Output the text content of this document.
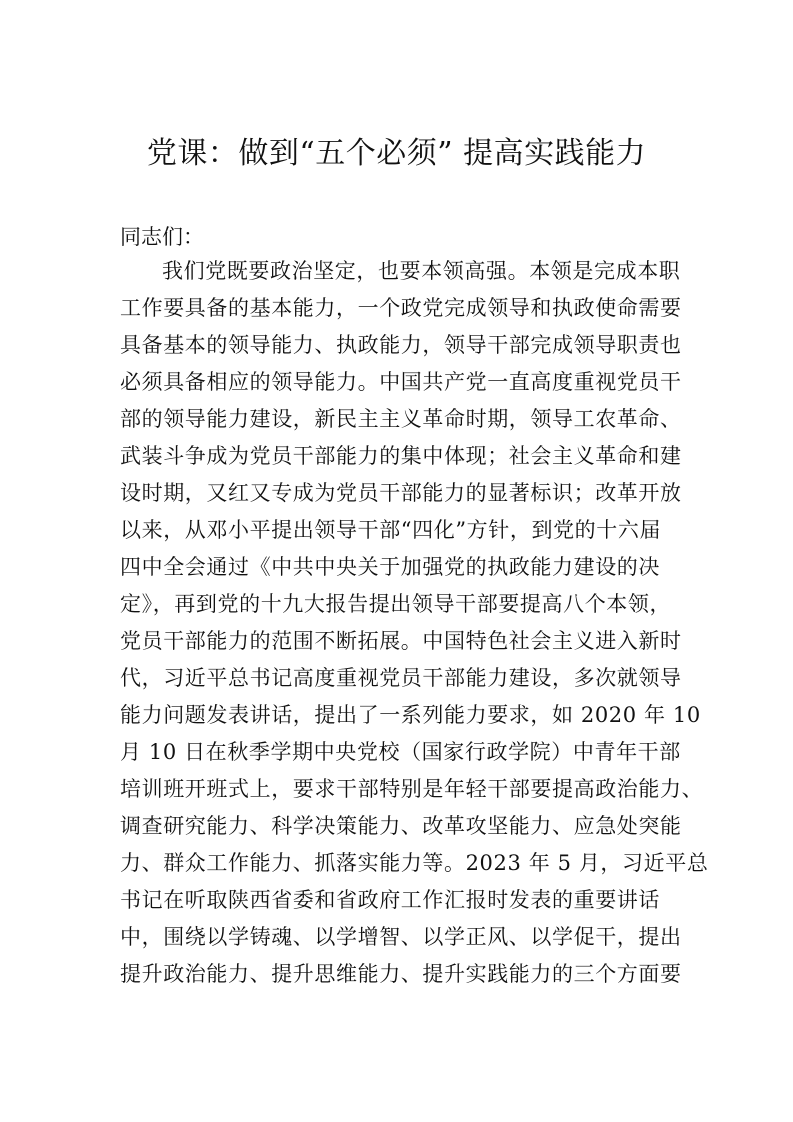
党课：做到“五个必须” 提高实践能力
同志们：
我们党既要政治坚定，也要本领高强。本领是完成本职
工作要具备的基本能力，一个政党完成领导和执政使命需要
具备基本的领导能力、执政能力，领导干部完成领导职责也
必须具备相应的领导能力。中国共产党一直高度重视党员干
部的领导能力建设，新民主主义革命时期，领导工农革命、
武装斗争成为党员干部能力的集中体现；社会主义革命和建
设时期，又红又专成为党员干部能力的显著标识；改革开放
以来，从邓小平提出领导干部“四化”方针，到党的十六届
四中全会通过《中共中央关于加强党的执政能力建设的决
定》，再到党的十九大报告提出领导干部要提高八个本领，
党员干部能力的范围不断拓展。中国特色社会主义进入新时
代，习近平总书记高度重视党员干部能力建设，多次就领导
能力问题发表讲话，提出了一系列能力要求，如 2020 年 10
月 10 日在秋季学期中央党校（国家行政学院）中青年干部
培训班开班式上，要求干部特别是年轻干部要提高政治能力、
调查研究能力、科学决策能力、改革攻坚能力、应急处突能
力、群众工作能力、抓落实能力等。2023 年 5 月，习近平总
书记在听取陕西省委和省政府工作汇报时发表的重要讲话
中，围绕以学铸魂、以学增智、以学正风、以学促干，提出
提升政治能力、提升思维能力、提升实践能力的三个方面要
